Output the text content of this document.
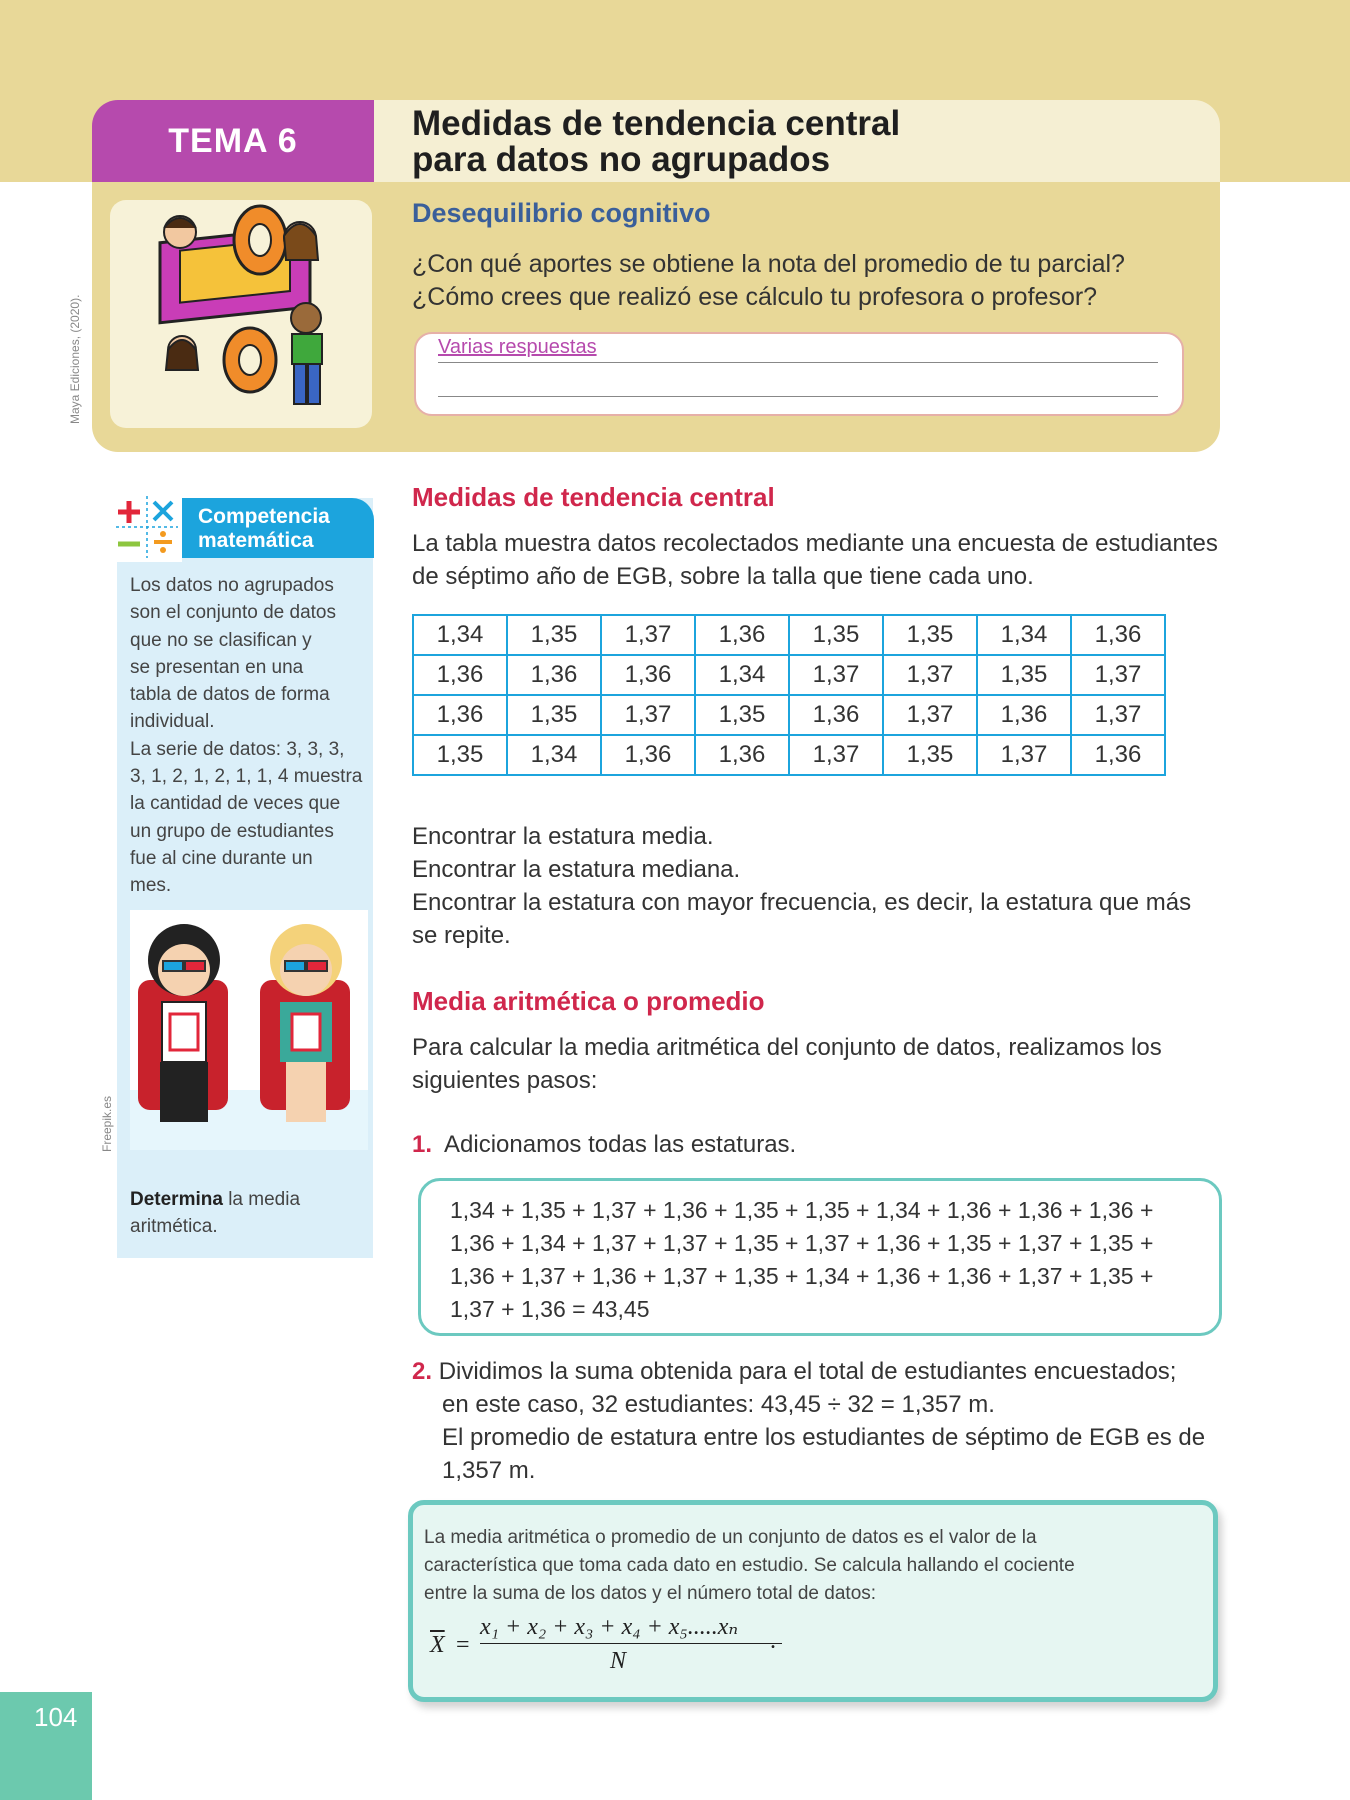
TEMA 6	Medidas de tendencia central
para datos no agrupados
Desequilibrio cognitivo
¿Con qué aportes se obtiene la nota del promedio de tu parcial?
¿Cómo crees que realizó ese cálculo tu profesora o profesor?
Varias respuestas
Maya Ediciones, (2020).
Freepik.es
Competencia
matemática
Los datos no agrupados
son el conjunto de datos
que no se clasifican y
se presentan en una
tabla de datos de forma
individual.
La serie de datos: 3, 3, 3,
3, 1, 2, 1, 2, 1, 1, 4 muestra
la cantidad de veces que
un grupo de estudiantes
fue al cine durante un
mes.
Determina la media
aritmética.
Medidas de tendencia central
La tabla muestra datos recolectados mediante una encuesta de estudiantes
de séptimo año de EGB, sobre la talla que tiene cada uno.
1,34	1,35	1,37	1,36	1,35	1,35	1,34	1,36
1,36	1,36	1,36	1,34	1,37	1,37	1,35	1,37
1,36	1,35	1,37	1,35	1,36	1,37	1,36	1,37
1,35	1,34	1,36	1,36	1,37	1,35	1,37	1,36
Encontrar la estatura media.
Encontrar la estatura mediana.
Encontrar la estatura con mayor frecuencia, es decir, la estatura que más
se repite.
Media aritmética o promedio
Para calcular la media aritmética del conjunto de datos, realizamos los
siguientes pasos:
1. Adicionamos todas las estaturas.
1,34 + 1,35 + 1,37 + 1,36 + 1,35 + 1,35 + 1,34 + 1,36 + 1,36 + 1,36 +
1,36 + 1,34 + 1,37 + 1,37 + 1,35 + 1,37 + 1,36 + 1,35 + 1,37 + 1,35 +
1,36 + 1,37 + 1,36 + 1,37 + 1,35 + 1,34 + 1,36 + 1,36 + 1,37 + 1,35 +
1,37 + 1,36 = 43,45
2. Dividimos la suma obtenida para el total de estudiantes encuestados;
en este caso, 32 estudiantes: 43,45 ÷ 32 = 1,357 m.
El promedio de estatura entre los estudiantes de séptimo de EGB es de
1,357 m.
La media aritmética o promedio de un conjunto de datos es el valor de la
característica que toma cada dato en estudio. Se calcula hallando el cociente
entre la suma de los datos y el número total de datos:
$\overline{X}$ =
x₁ + x₂ + x₃ + x₄ + x₅.....xₙ
N
.
104
